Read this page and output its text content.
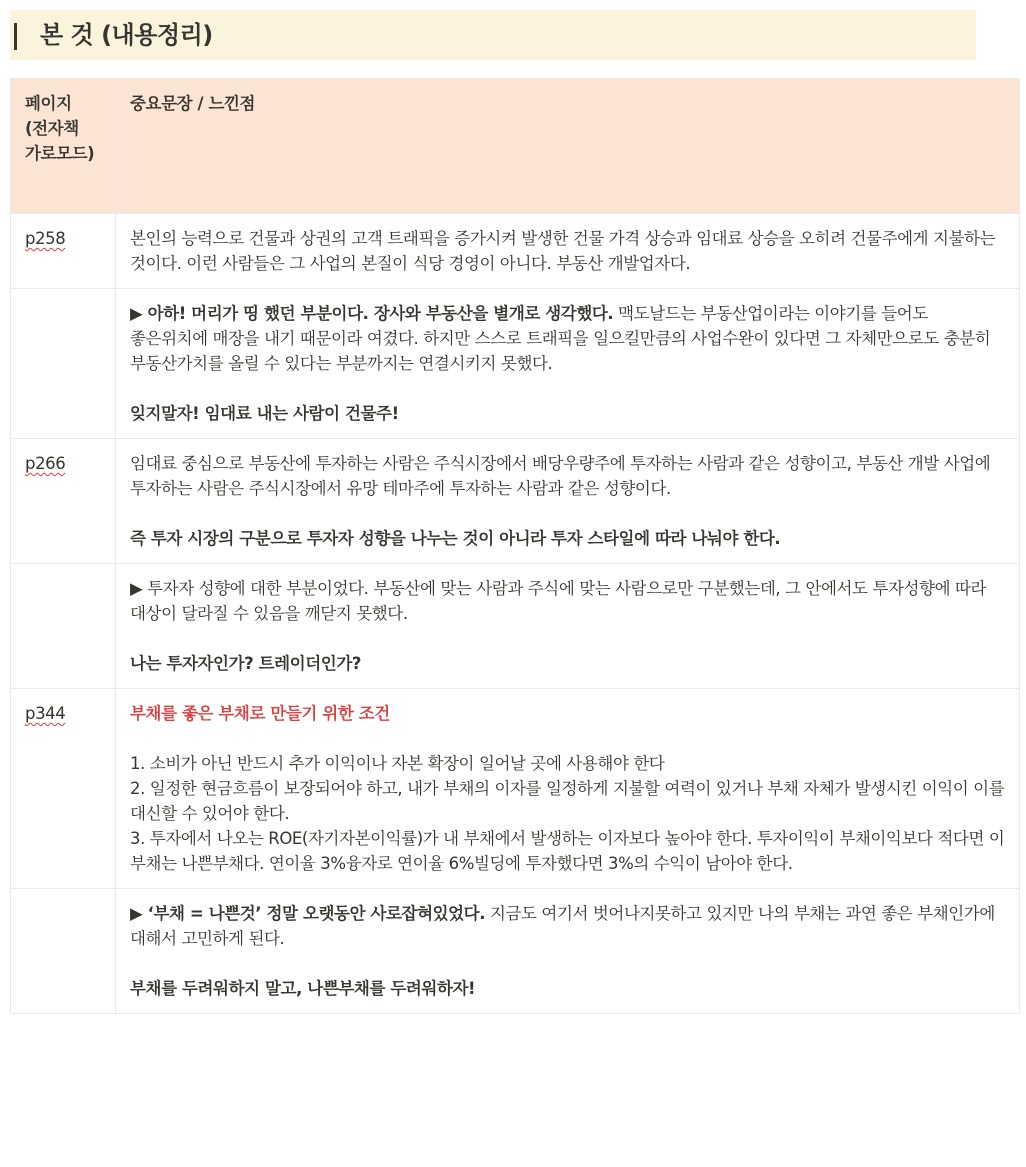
본 것 (내용정리)
페이지 (전자책 가로모드)	중요문장 / 느낀점
p258	본인의 능력으로 건물과 상권의 고객 트래픽을 증가시켜 발생한 건물 가격 상승과 임대료 상승을 오히려 건물주에게 지불하는 것이다. 이런 사람들은 그 사업의 본질이 식당 경영이 아니다. 부동산 개발업자다.
	▶ 아하! 머리가 띵 했던 부분이다. 장사와 부동산을 별개로 생각했다. 맥도날드는 부동산업이라는 이야기를 들어도 좋은위치에 매장을 내기 때문이라 여겼다. 하지만 스스로 트래픽을 일으킬만큼의 사업수완이 있다면 그 자체만으로도 충분히 부동산가치를 올릴 수 있다는 부분까지는 연결시키지 못했다.
잊지말자! 임대료 내는 사람이 건물주!

p266	임대료 중심으로 부동산에 투자하는 사람은 주식시장에서 배당우량주에 투자하는 사람과 같은 성향이고, 부동산 개발 사업에 투자하는 사람은 주식시장에서 유망 테마주에 투자하는 사람과 같은 성향이다.
즉 투자 시장의 구분으로 투자자 성향을 나누는 것이 아니라 투자 스타일에 따라 나눠야 한다.

	▶ 투자자 성향에 대한 부분이었다. 부동산에 맞는 사람과 주식에 맞는 사람으로만 구분했는데, 그 안에서도 투자성향에 따라 대상이 달라질 수 있음을 깨닫지 못했다.
나는 투자자인가? 트레이더인가?

p344	부채를 좋은 부채로 만들기 위한 조건
1. 소비가 아닌 반드시 추가 이익이나 자본 확장이 일어날 곳에 사용해야 한다
2. 일정한 현금흐름이 보장되어야 하고, 내가 부채의 이자를 일정하게 지불할 여력이 있거나 부채 자체가 발생시킨 이익이 이를 대신할 수 있어야 한다.
3. 투자에서 나오는 ROE(자기자본이익률)가 내 부채에서 발생하는 이자보다 높아야 한다. 투자이익이 부채이익보다 적다면 이 부채는 나쁜부채다. 연이율 3%융자로 연이율 6%빌딩에 투자했다면 3%의 수익이 남아야 한다.

	▶ ‘부채 = 나쁜것’ 정말 오랫동안 사로잡혀있었다. 지금도 여기서 벗어나지못하고 있지만 나의 부채는 과연 좋은 부채인가에 대해서 고민하게 된다.
부채를 두려워하지 말고, 나쁜부채를 두려워하자!
